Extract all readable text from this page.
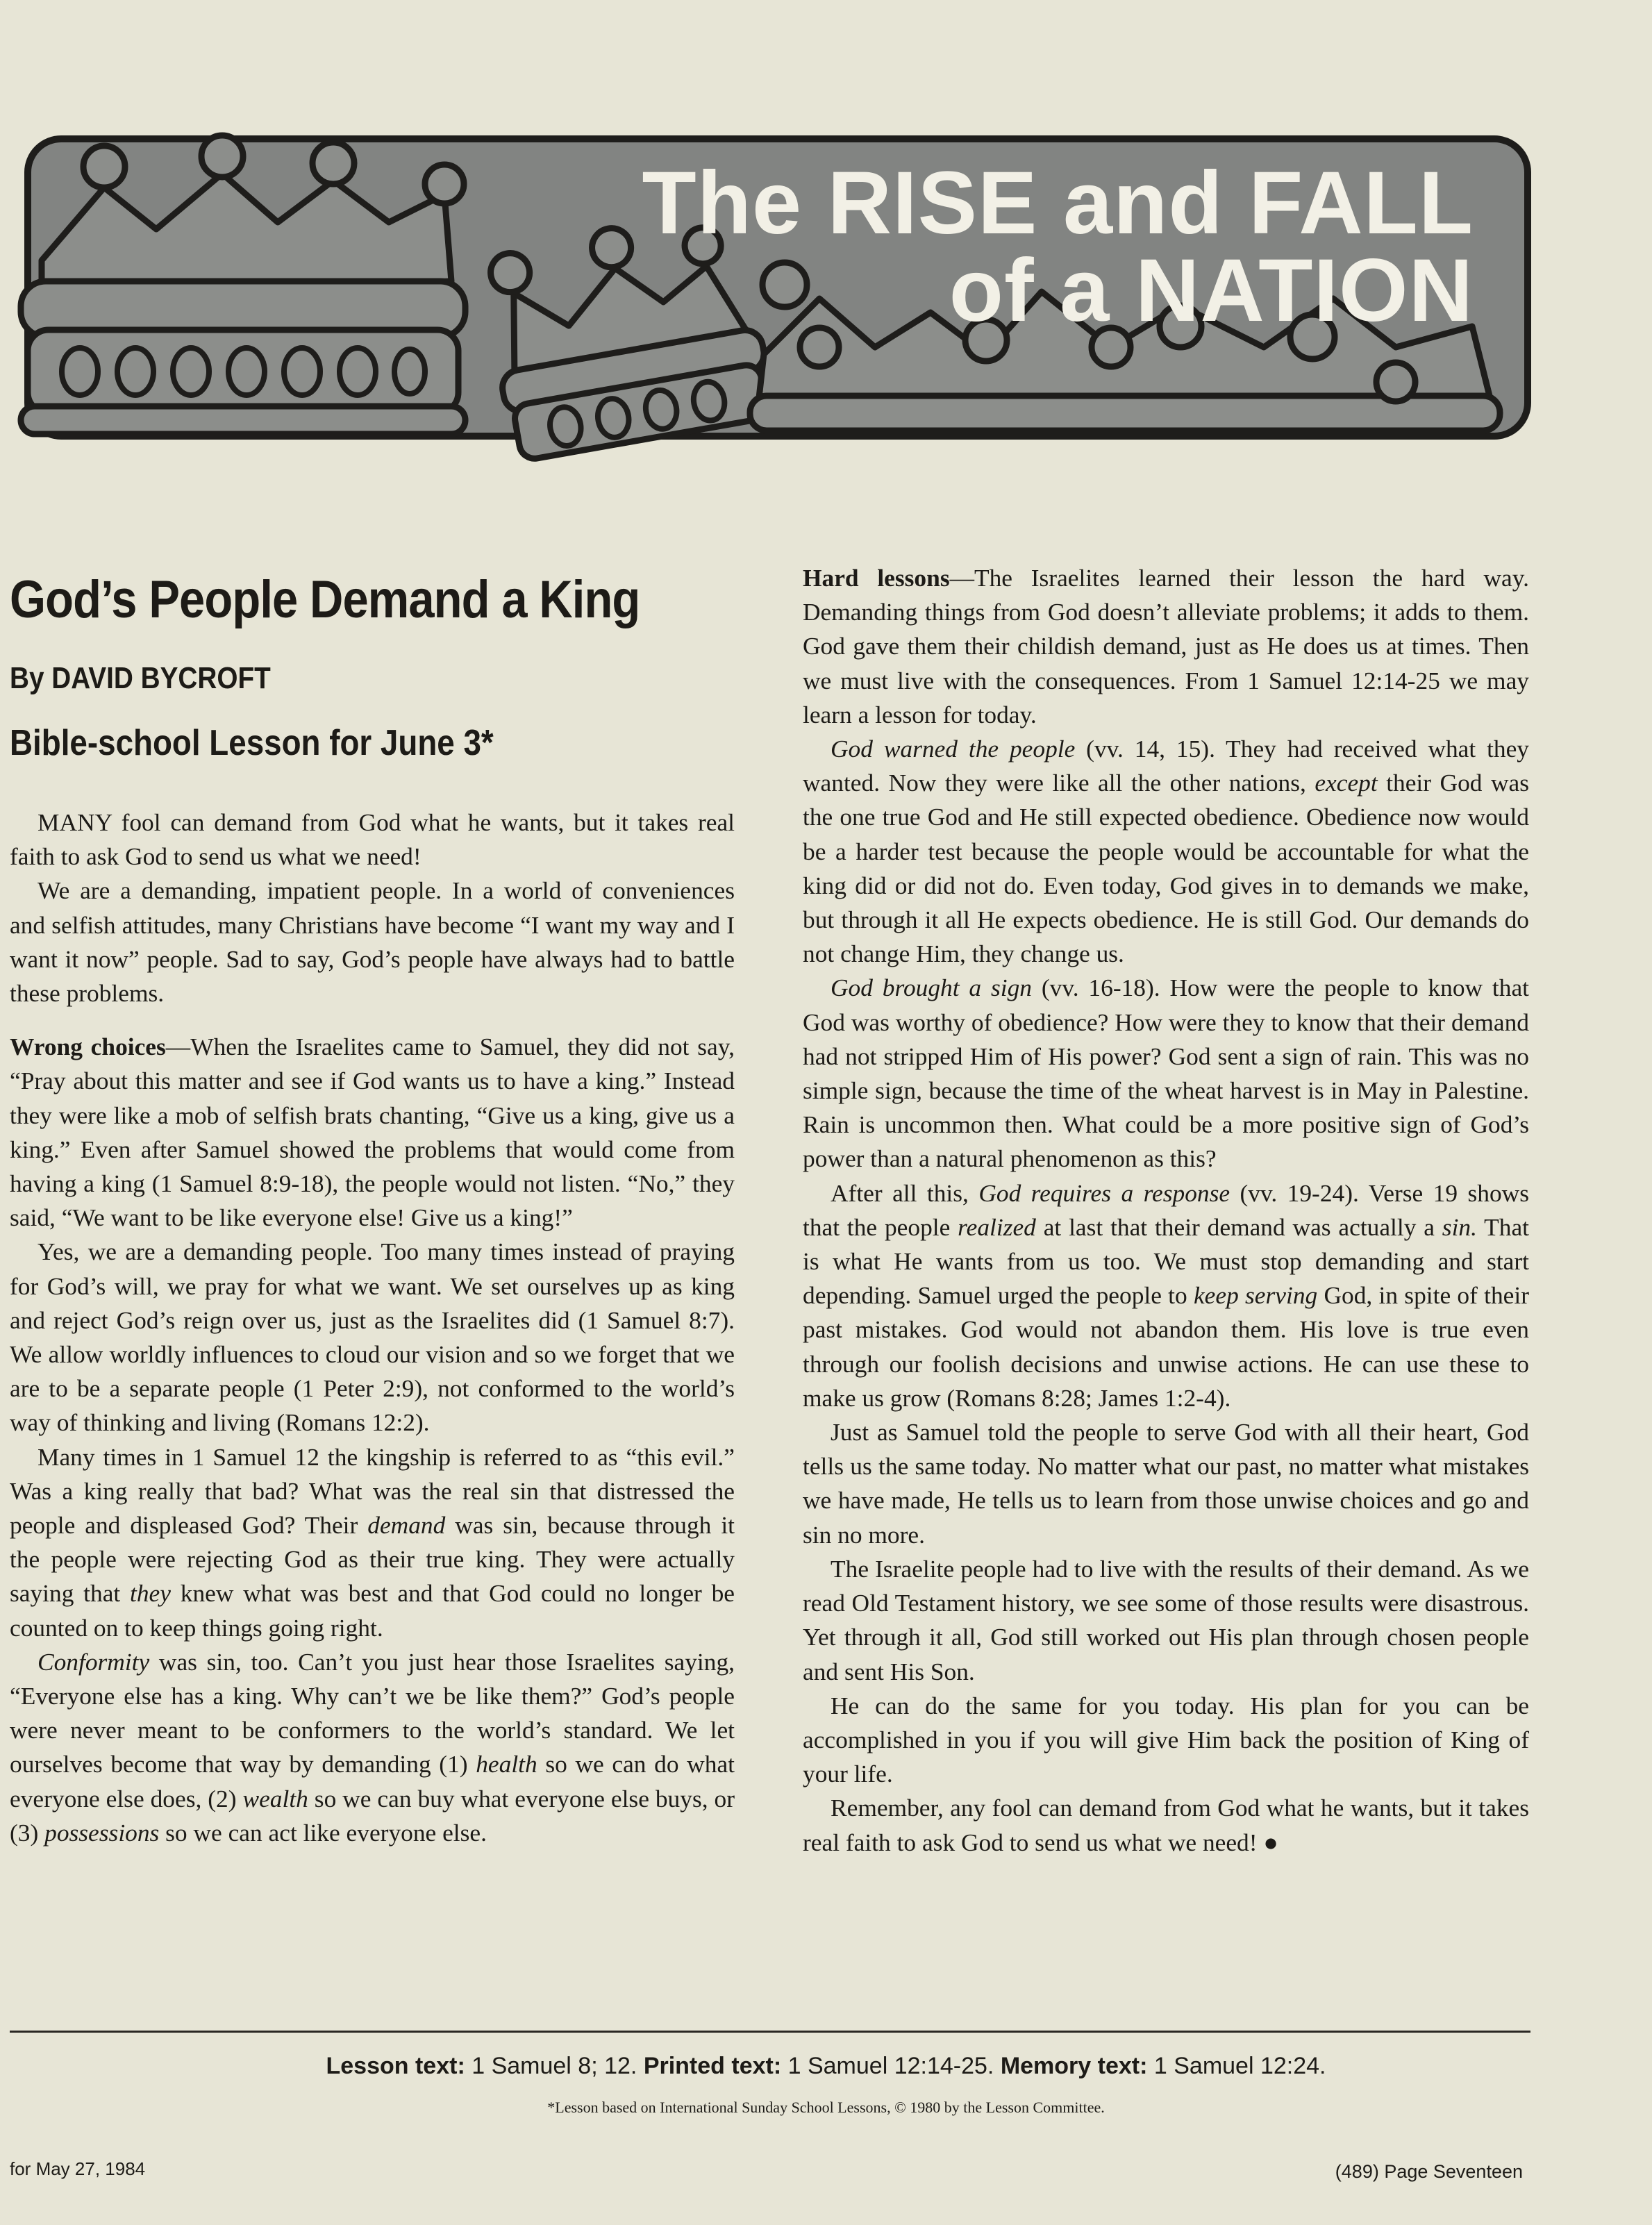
The RISE and FALL
of a NATION
God’s People Demand a King
By DAVID BYCROFT
Bible-school Lesson for June 3*

MANY fool can demand from God what he wants, but it takes real faith to ask God to send us what we need!

We are a demanding, impatient people. In a world of conveniences and selfish attitudes, many Christians have become “I want my way and I want it now” people. Sad to say, God’s people have always had to battle these problems.

Wrong choices—When the Israelites came to Samuel, they did not say, “Pray about this matter and see if God wants us to have a king.” Instead they were like a mob of selfish brats chanting, “Give us a king, give us a king.” Even after Samuel showed the problems that would come from having a king (1 Samuel 8:9-18), the people would not listen. “No,” they said, “We want to be like everyone else! Give us a king!”

Yes, we are a demanding people. Too many times instead of praying for God’s will, we pray for what we want. We set ourselves up as king and reject God’s reign over us, just as the Israelites did (1 Samuel 8:7). We allow worldly influences to cloud our vision and so we forget that we are to be a separate people (1 Peter 2:9), not conformed to the world’s way of thinking and living (Romans 12:2).

Many times in 1 Samuel 12 the kingship is referred to as “this evil.” Was a king really that bad? What was the real sin that distressed the people and displeased God? Their demand was sin, because through it the people were rejecting God as their true king. They were actually saying that they knew what was best and that God could no longer be counted on to keep things going right.

Conformity was sin, too. Can’t you just hear those Israelites saying, “Everyone else has a king. Why can’t we be like them?” God’s people were never meant to be conformers to the world’s standard. We let ourselves become that way by demanding (1) health so we can do what everyone else does, (2) wealth so we can buy what everyone else buys, or (3) possessions so we can act like everyone else.

Hard lessons—The Israelites learned their lesson the hard way. Demanding things from God doesn’t alleviate problems; it adds to them. God gave them their childish demand, just as He does us at times. Then we must live with the consequences. From 1 Samuel 12:14-25 we may learn a lesson for today.

God warned the people (vv. 14, 15). They had received what they wanted. Now they were like all the other nations, except their God was the one true God and He still expected obedience. Obedience now would be a harder test because the people would be accountable for what the king did or did not do. Even today, God gives in to demands we make, but through it all He expects obedience. He is still God. Our demands do not change Him, they change us.

God brought a sign (vv. 16-18). How were the people to know that God was worthy of obedience? How were they to know that their demand had not stripped Him of His power? God sent a sign of rain. This was no simple sign, because the time of the wheat harvest is in May in Palestine. Rain is uncommon then. What could be a more positive sign of God’s power than a natural phenomenon as this?

After all this, God requires a response (vv. 19-24). Verse 19 shows that the people realized at last that their demand was actually a sin. That is what He wants from us too. We must stop demanding and start depending. Samuel urged the people to keep serving God, in spite of their past mistakes. God would not abandon them. His love is true even through our foolish decisions and unwise actions. He can use these to make us grow (Romans 8:28; James 1:2-4).

Just as Samuel told the people to serve God with all their heart, God tells us the same today. No matter what our past, no matter what mistakes we have made, He tells us to learn from those unwise choices and go and sin no more.

The Israelite people had to live with the results of their demand. As we read Old Testament history, we see some of those results were disastrous. Yet through it all, God still worked out His plan through chosen people and sent His Son.

He can do the same for you today. His plan for you can be accomplished in you if you will give Him back the position of King of your life.

Remember, any fool can demand from God what he wants, but it takes real faith to ask God to send us what we need! ●

Lesson text: 1 Samuel 8; 12. Printed text: 1 Samuel 12:14-25. Memory text: 1 Samuel 12:24.
*Lesson based on International Sunday School Lessons, © 1980 by the Lesson Committee.
for May 27, 1984	(489) Page Seventeen
